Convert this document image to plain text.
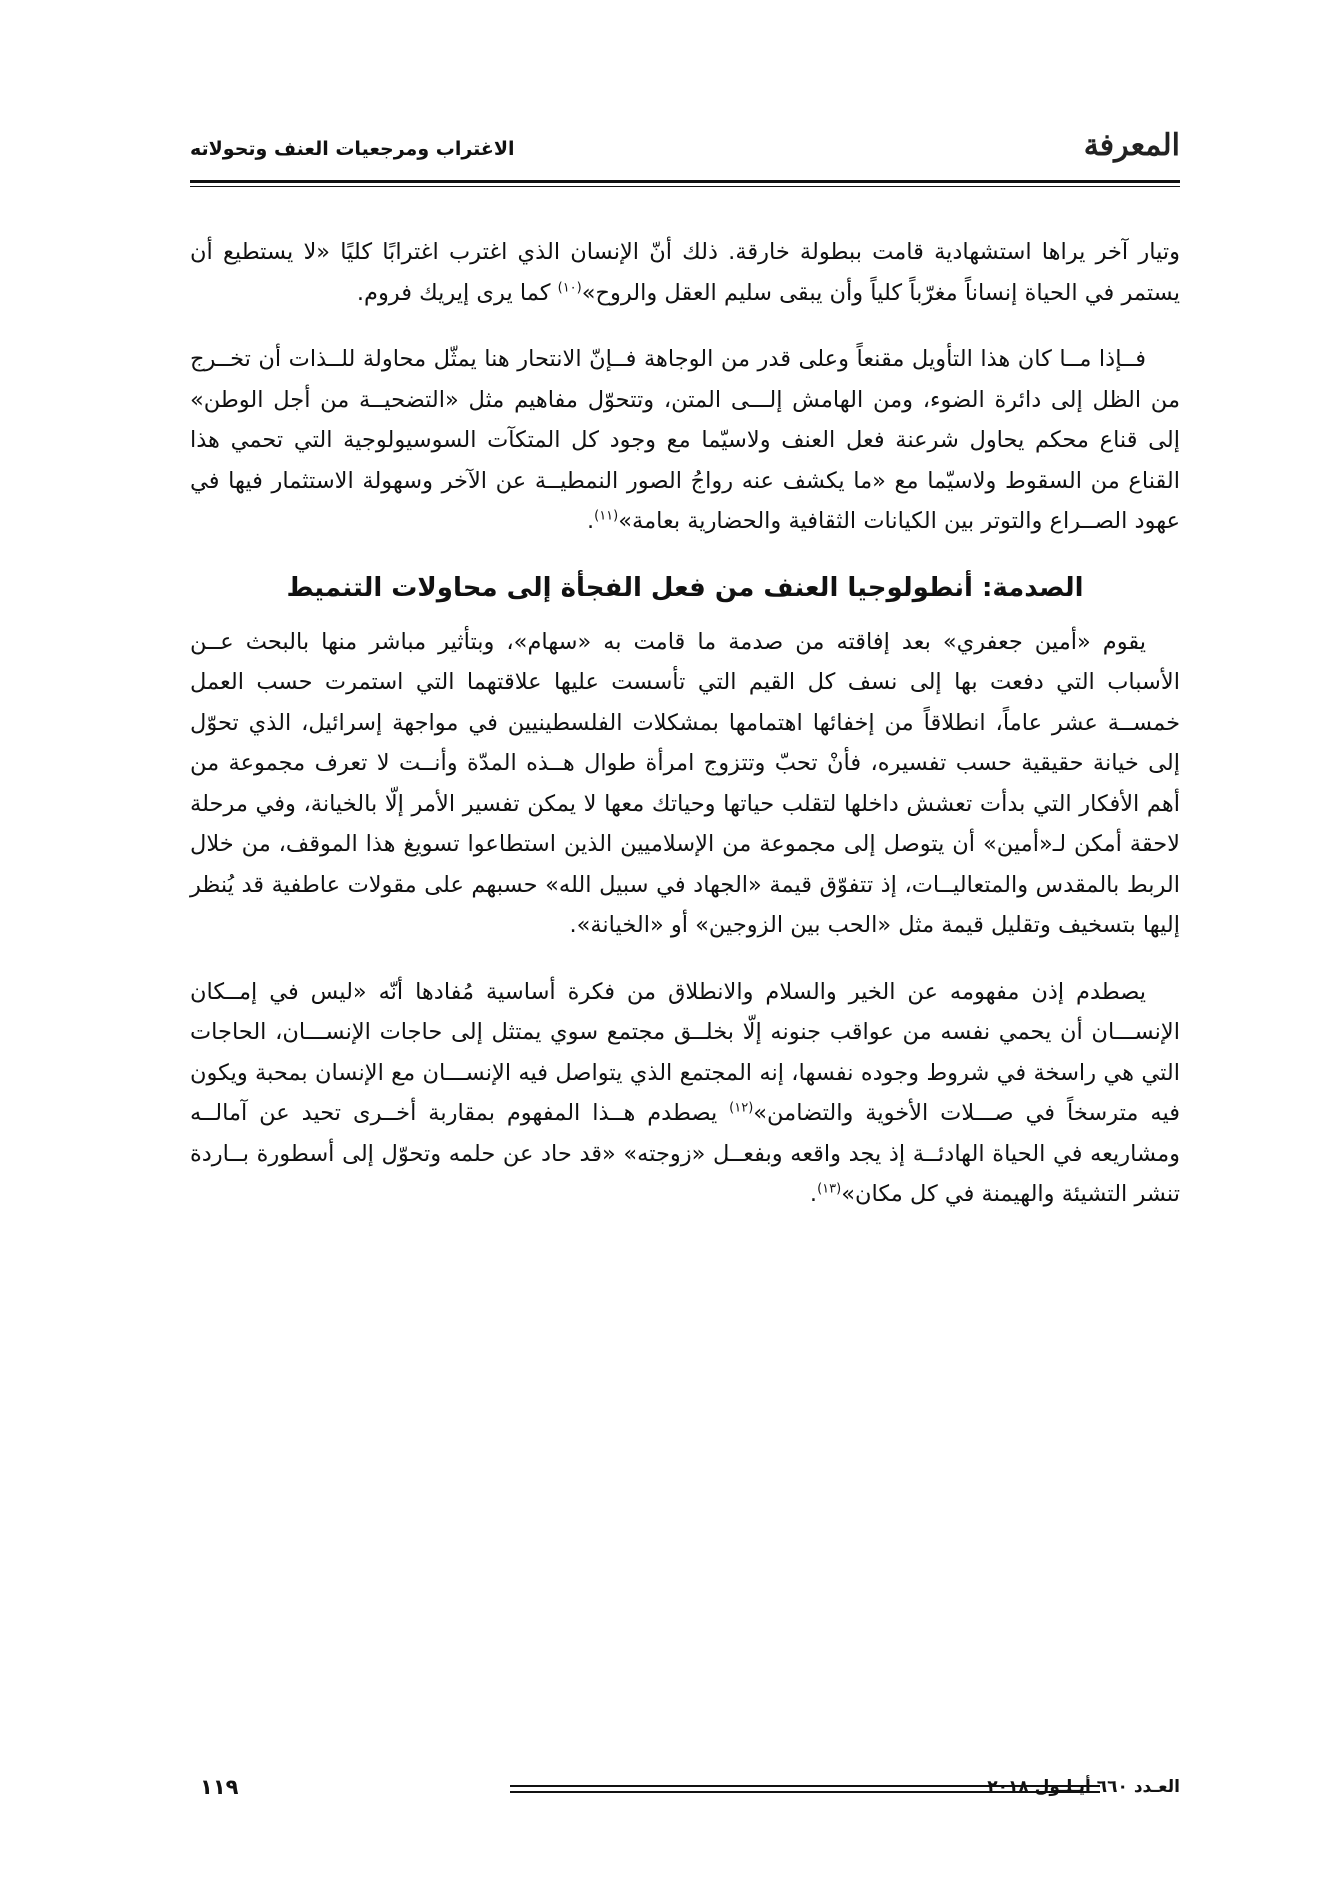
المعرفة
الاغتراب ومرجعيات العنف وتحولاته

وتيار آخر يراها استشهادية قامت ببطولة خارقة. ذلك أنّ الإنسان الذي اغترب اغترابًا كليًا «لا يستطيع أن يستمر في الحياة إنساناً مغرّباً كلياً وأن يبقى سليم العقل والروح»$^{(١٠)}$ كما يرى إيريك فروم.

فــإذا مــا كان هذا التأويل مقنعاً وعلى قدر من الوجاهة فــإنّ الانتحار هنا يمثّل محاولة للــذات أن تخــرج من الظل إلى دائرة الضوء، ومن الهامش إلـــى المتن، وتتحوّل مفاهيم مثل «التضحيــة من أجل الوطن» إلى قناع محكم يحاول شرعنة فعل العنف ولاسيّما مع وجود كل المتكآت السوسيولوجية التي تحمي هذا القناع من السقوط ولاسيّما مع «ما يكشف عنه رواجُ الصور النمطيــة عن الآخر وسهولة الاستثمار فيها في عهود الصــراع والتوتر بين الكيانات الثقافية والحضارية بعامة»$^{(١١)}$.

الصدمة: أنطولوجيا العنف من فعل الفجأة إلى محاولات التنميط

يقوم «أمين جعفري» بعد إفاقته من صدمة ما قامت به «سهام»، وبتأثير مباشر منها بالبحث عــن الأسباب التي دفعت بها إلى نسف كل القيم التي تأسست عليها علاقتهما التي استمرت حسب العمل خمســة عشر عاماً، انطلاقاً من إخفائها اهتمامها بمشكلات الفلسطينيين في مواجهة إسرائيل، الذي تحوّل إلى خيانة حقيقية حسب تفسيره، فأنْ تحبّ وتتزوج امرأة طوال هــذه المدّة وأنــت لا تعرف مجموعة من أهم الأفكار التي بدأت تعشش داخلها لتقلب حياتها وحياتك معها لا يمكن تفسير الأمر إلّا بالخيانة، وفي مرحلة لاحقة أمكن لـ«أمين» أن يتوصل إلى مجموعة من الإسلاميين الذين استطاعوا تسويغ هذا الموقف، من خلال الربط بالمقدس والمتعاليــات، إذ تتفوّق قيمة «الجهاد في سبيل الله» حسبهم على مقولات عاطفية قد يُنظر إليها بتسخيف وتقليل قيمة مثل «الحب بين الزوجين» أو «الخيانة».

يصطدم إذن مفهومه عن الخير والسلام والانطلاق من فكرة أساسية مُفادها أنّه «ليس في إمــكان الإنســـان أن يحمي نفسه من عواقب جنونه إلّا بخلــق مجتمع سوي يمتثل إلى حاجات الإنســـان، الحاجات التي هي راسخة في شروط وجوده نفسها، إنه المجتمع الذي يتواصل فيه الإنســـان مع الإنسان بمحبة ويكون فيه مترسخاً في صـــلات الأخوية والتضامن»$^{(١٢)}$ يصطدم هــذا المفهوم بمقاربة أخــرى تحيد عن آمالــه ومشاريعه في الحياة الهادئــة إذ يجد واقعه وبفعــل «زوجته» «قد حاد عن حلمه وتحوّل إلى أسطورة بــاردة تنشر التشيئة والهيمنة في كل مكان»$^{(١٣)}$.

العـدد ٦٦٠ أيـلـول ٢٠١٨
١١٩
